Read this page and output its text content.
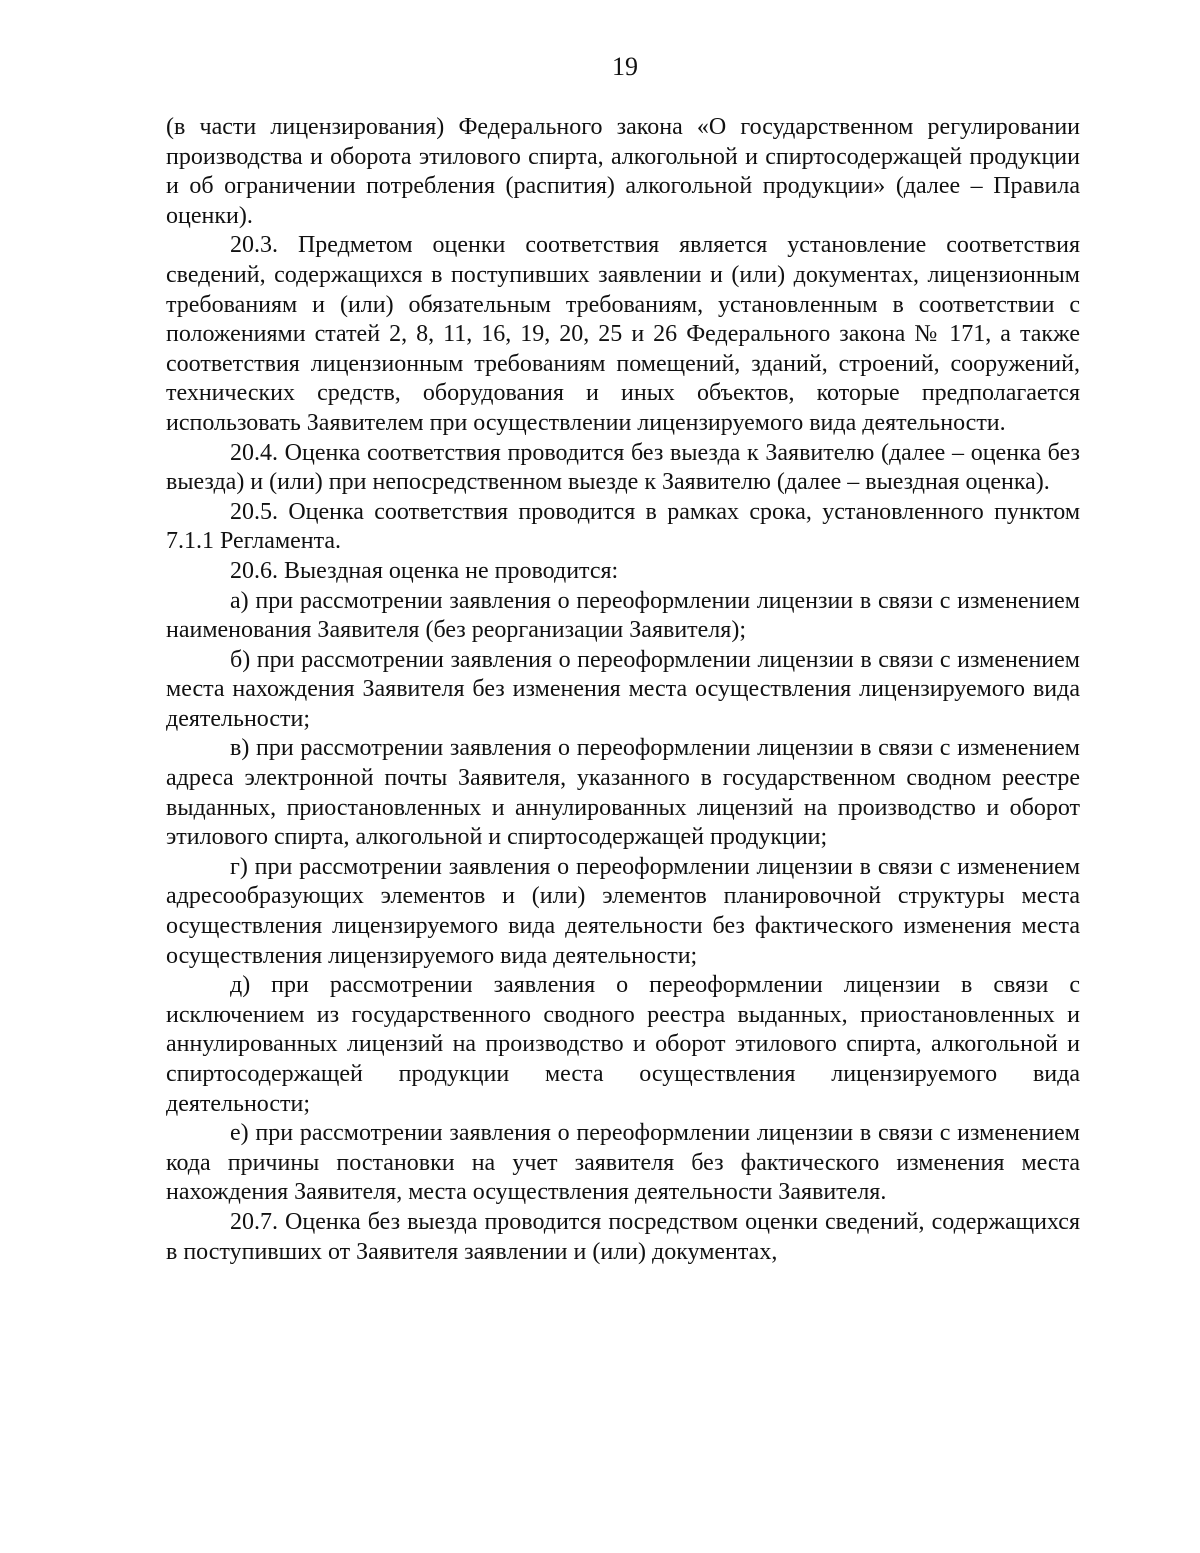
19

(в части лицензирования) Федерального закона «О государственном регулировании производства и оборота этилового спирта, алкогольной и спиртосодержащей продукции и об ограничении потребления (распития) алкогольной продукции» (далее – Правила оценки).

20.3. Предметом оценки соответствия является установление соответствия сведений, содержащихся в поступивших заявлении и (или) документах, лицензионным требованиям и (или) обязательным требованиям, установленным в соответствии с положениями статей 2, 8, 11, 16, 19, 20, 25 и 26 Федерального закона № 171, а также соответствия лицензионным требованиям помещений, зданий, строений, сооружений, технических средств, оборудования и иных объектов, которые предполагается использовать Заявителем при осуществлении лицензируемого вида деятельности.

20.4. Оценка соответствия проводится без выезда к Заявителю (далее – оценка без выезда) и (или) при непосредственном выезде к Заявителю (далее – выездная оценка).

20.5. Оценка соответствия проводится в рамках срока, установленного пунктом 7.1.1 Регламента.

20.6. Выездная оценка не проводится:

а) при рассмотрении заявления о переоформлении лицензии в связи с изменением наименования Заявителя (без реорганизации Заявителя);

б) при рассмотрении заявления о переоформлении лицензии в связи с изменением места нахождения Заявителя без изменения места осуществления лицензируемого вида деятельности;

в) при рассмотрении заявления о переоформлении лицензии в связи с изменением адреса электронной почты Заявителя, указанного в государственном сводном реестре выданных, приостановленных и аннулированных лицензий на производство и оборот этилового спирта, алкогольной и спиртосодержащей продукции;

г) при рассмотрении заявления о переоформлении лицензии в связи с изменением адресообразующих элементов и (или) элементов планировочной структуры места осуществления лицензируемого вида деятельности без фактического изменения места осуществления лицензируемого вида деятельности;

д) при рассмотрении заявления о переоформлении лицензии в связи с исключением из государственного сводного реестра выданных, приостановленных и аннулированных лицензий на производство и оборот этилового спирта, алкогольной и спиртосодержащей продукции места осуществления лицензируемого вида деятельности;

е) при рассмотрении заявления о переоформлении лицензии в связи с изменением кода причины постановки на учет заявителя без фактического изменения места нахождения Заявителя, места осуществления деятельности Заявителя.

20.7. Оценка без выезда проводится посредством оценки сведений, содержащихся в поступивших от Заявителя заявлении и (или) документах,
